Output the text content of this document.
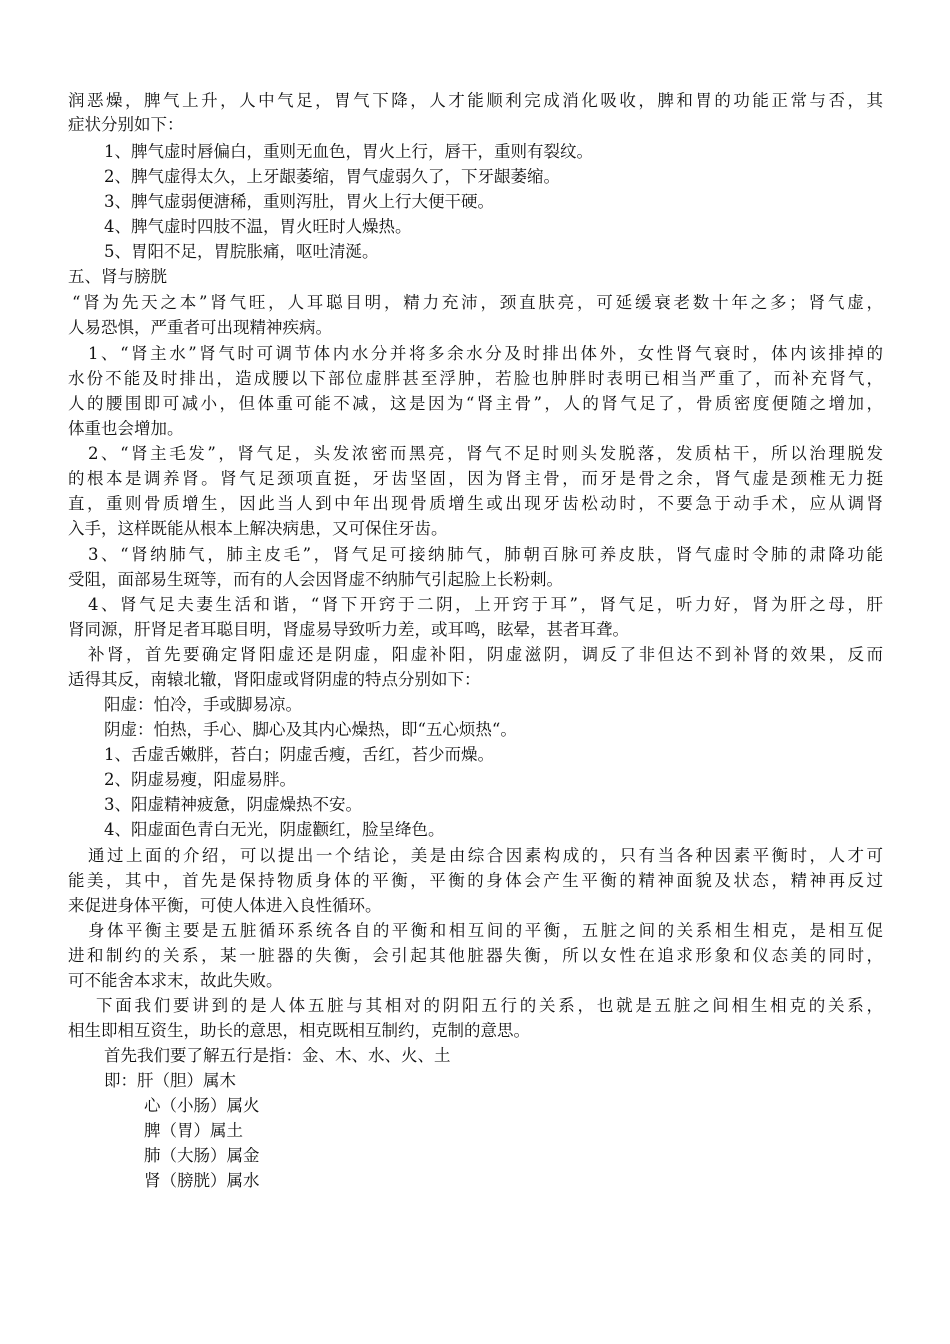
润恶燥，脾气上升，人中气足，胃气下降，人才能顺利完成消化吸收，脾和胃的功能正常与否，其
症状分别如下：
1、脾气虚时唇偏白，重则无血色，胃火上行，唇干，重则有裂纹。
2、脾气虚得太久，上牙龈萎缩，胃气虚弱久了，下牙龈萎缩。
3、脾气虚弱便溏稀，重则泻肚，胃火上行大便干硬。
4、脾气虚时四肢不温，胃火旺时人燥热。
5、胃阳不足，胃脘胀痛，呕吐清涎。
五、肾与膀胱
“肾为先天之本”肾气旺，人耳聪目明，精力充沛，颈直肤亮，可延缓衰老数十年之多；肾气虚，
人易恐惧，严重者可出现精神疾病。
1、“肾主水”肾气时可调节体内水分并将多余水分及时排出体外，女性肾气衰时，体内该排掉的
水份不能及时排出，造成腰以下部位虚胖甚至浮肿，若脸也肿胖时表明已相当严重了，而补充肾气，
人的腰围即可减小，但体重可能不减，这是因为“肾主骨”，人的肾气足了，骨质密度便随之增加，
体重也会增加。
2、“肾主毛发”，肾气足，头发浓密而黑亮，肾气不足时则头发脱落，发质枯干，所以治理脱发
的根本是调养肾。肾气足颈项直挺，牙齿坚固，因为肾主骨，而牙是骨之余，肾气虚是颈椎无力挺
直，重则骨质增生，因此当人到中年出现骨质增生或出现牙齿松动时，不要急于动手术，应从调肾
入手，这样既能从根本上解决病患，又可保住牙齿。
3、“肾纳肺气，肺主皮毛”，肾气足可接纳肺气，肺朝百脉可养皮肤，肾气虚时令肺的肃降功能
受阻，面部易生斑等，而有的人会因肾虚不纳肺气引起脸上长粉刺。
4、肾气足夫妻生活和谐，“肾下开窍于二阴，上开窍于耳”，肾气足，听力好，肾为肝之母，肝
肾同源，肝肾足者耳聪目明，肾虚易导致听力差，或耳鸣，眩晕，甚者耳聋。
补肾，首先要确定肾阳虚还是阴虚，阳虚补阳，阴虚滋阴，调反了非但达不到补肾的效果，反而
适得其反，南辕北辙，肾阳虚或肾阴虚的特点分别如下：
阳虚：怕冷，手或脚易凉。
阴虚：怕热，手心、脚心及其内心燥热，即“五心烦热“。
1、舌虚舌嫩胖，苔白；阴虚舌瘦，舌红，苔少而燥。
2、阴虚易瘦，阳虚易胖。
3、阳虚精神疲惫，阴虚燥热不安。
4、阳虚面色青白无光，阴虚颧红，脸呈绛色。
通过上面的介绍，可以提出一个结论，美是由综合因素构成的，只有当各种因素平衡时，人才可
能美，其中，首先是保持物质身体的平衡，平衡的身体会产生平衡的精神面貌及状态，精神再反过
来促进身体平衡，可使人体进入良性循环。
身体平衡主要是五脏循环系统各自的平衡和相互间的平衡，五脏之间的关系相生相克，是相互促
进和制约的关系，某一脏器的失衡，会引起其他脏器失衡，所以女性在追求形象和仪态美的同时，
可不能舍本求末，故此失败。
下面我们要讲到的是人体五脏与其相对的阴阳五行的关系，也就是五脏之间相生相克的关系，
相生即相互资生，助长的意思，相克既相互制约，克制的意思。
首先我们要了解五行是指：金、木、水、火、土
即：肝（胆）属木
心（小肠）属火
脾（胃）属土
肺（大肠）属金
肾（膀胱）属水
